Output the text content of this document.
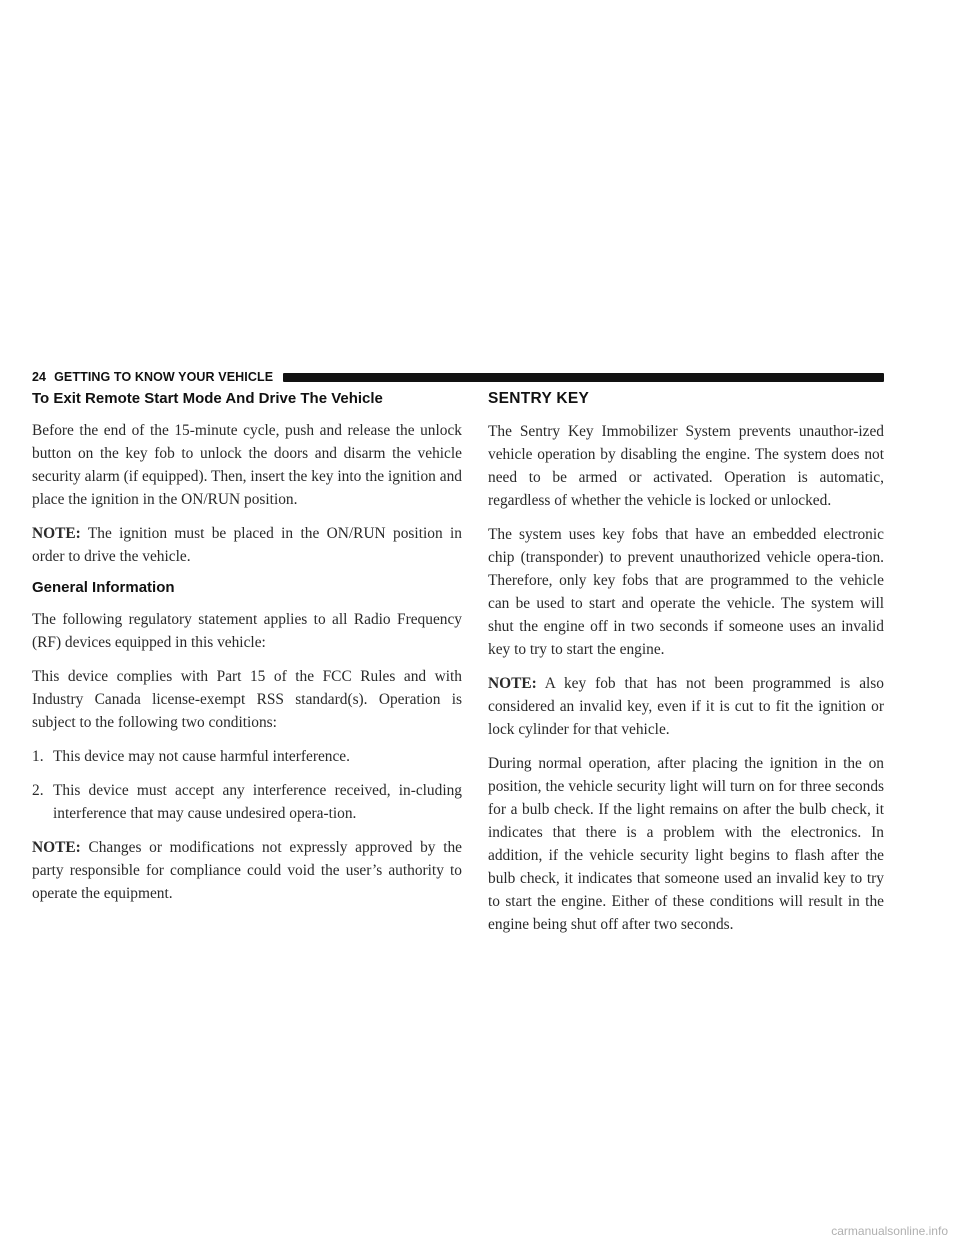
24 GETTING TO KNOW YOUR VEHICLE
To Exit Remote Start Mode And Drive The Vehicle

Before the end of the 15-minute cycle, push and release the unlock button on the key fob to unlock the doors and disarm the vehicle security alarm (if equipped). Then, insert the key into the ignition and place the ignition in the ON/RUN position.

NOTE: The ignition must be placed in the ON/RUN position in order to drive the vehicle.

General Information

The following regulatory statement applies to all Radio Frequency (RF) devices equipped in this vehicle:

This device complies with Part 15 of the FCC Rules and with Industry Canada license-exempt RSS standard(s). Operation is subject to the following two conditions:

1. This device may not cause harmful interference.
2. This device must accept any interference received, in-cluding interference that may cause undesired opera-tion.

NOTE: Changes or modifications not expressly approved by the party responsible for compliance could void the user’s authority to operate the equipment.

SENTRY KEY

The Sentry Key Immobilizer System prevents unauthor-ized vehicle operation by disabling the engine. The system does not need to be armed or activated. Operation is automatic, regardless of whether the vehicle is locked or unlocked.

The system uses key fobs that have an embedded electronic chip (transponder) to prevent unauthorized vehicle opera-tion. Therefore, only key fobs that are programmed to the vehicle can be used to start and operate the vehicle. The system will shut the engine off in two seconds if someone uses an invalid key to try to start the engine.

NOTE: A key fob that has not been programmed is also considered an invalid key, even if it is cut to fit the ignition or lock cylinder for that vehicle.

During normal operation, after placing the ignition in the on position, the vehicle security light will turn on for three seconds for a bulb check. If the light remains on after the bulb check, it indicates that there is a problem with the electronics. In addition, if the vehicle security light begins to flash after the bulb check, it indicates that someone used an invalid key to try to start the engine. Either of these conditions will result in the engine being shut off after two seconds.

carmanualsonline.info
